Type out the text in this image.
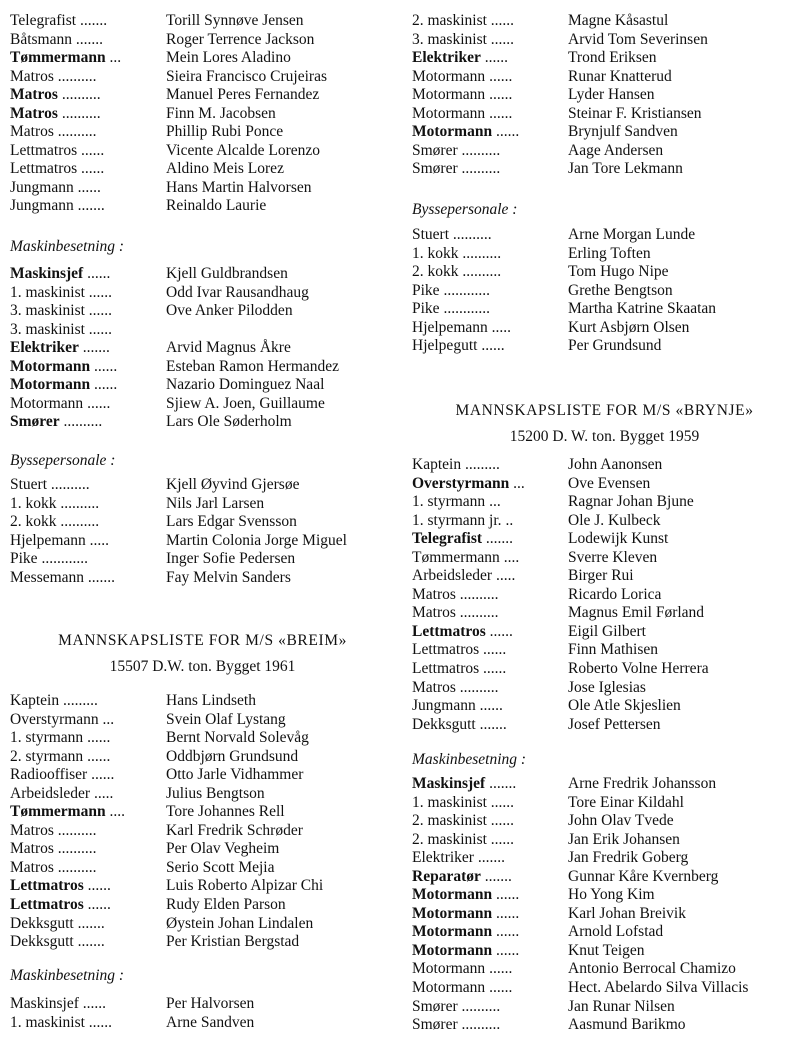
Telegrafist .......	Torill Synnøve Jensen
Båtsmann .......	Roger Terrence Jackson
Tømmermann ...	Mein Lores Aladino
Matros ..........	Sieira Francisco Crujeiras
Matros ..........	Manuel Peres Fernandez
Matros ..........	Finn M. Jacobsen
Matros ..........	Phillip Rubi Ponce
Lettmatros ......	Vicente Alcalde Lorenzo
Lettmatros ......	Aldino Meis Lorez
Jungmann ......	Hans Martin Halvorsen
Jungmann .......	Reinaldo Laurie
Maskinbesetning :
Maskinsjef ......	Kjell Guldbrandsen
1. maskinist ......	Odd Ivar Rausandhaug
3. maskinist ......	Ove Anker Pilodden
3. maskinist ......
Elektriker .......	Arvid Magnus Åkre
Motormann ......	Esteban Ramon Hermandez
Motormann ......	Nazario Dominguez Naal
Motormann ......	Sjiew A. Joen, Guillaume
Smører ..........	Lars Ole Søderholm
Byssepersonale :
Stuert ..........	Kjell Øyvind Gjersøe
1. kokk ..........	Nils Jarl Larsen
2. kokk ..........	Lars Edgar Svensson
Hjelpemann .....	Martin Colonia Jorge Miguel
Pike ............	Inger Sofie Pedersen
Messemann .......	Fay Melvin Sanders
MANNSKAPSLISTE FOR M/S «BREIM»
15507 D.W. ton. Bygget 1961
Kaptein .........	Hans Lindseth
Overstyrmann ...	Svein Olaf Lystang
1. styrmann ......	Bernt Norvald Solevåg
2. styrmann ......	Oddbjørn Grundsund
Radiooffiser ......	Otto Jarle Vidhammer
Arbeidsleder .....	Julius Bengtson
Tømmermann ....	Tore Johannes Rell
Matros ..........	Karl Fredrik Schrøder
Matros ..........	Per Olav Vegheim
Matros ..........	Serio Scott Mejia
Lettmatros ......	Luis Roberto Alpizar Chi
Lettmatros ......	Rudy Elden Parson
Dekksgutt .......	Øystein Johan Lindalen
Dekksgutt .......	Per Kristian Bergstad
Maskinbesetning :
Maskinsjef ......	Per Halvorsen
1. maskinist ......	Arne Sandven
2. maskinist ......	Magne Kåsastul
3. maskinist ......	Arvid Tom Severinsen
Elektriker ......	Trond Eriksen
Motormann ......	Runar Knatterud
Motormann ......	Lyder Hansen
Motormann ......	Steinar F. Kristiansen
Motormann ......	Brynjulf Sandven
Smører ..........	Aage Andersen
Smører ..........	Jan Tore Lekmann
Byssepersonale :
Stuert ..........	Arne Morgan Lunde
1. kokk ..........	Erling Toften
2. kokk ..........	Tom Hugo Nipe
Pike ............	Grethe Bengtson
Pike ............	Martha Katrine Skaatan
Hjelpemann .....	Kurt Asbjørn Olsen
Hjelpegutt ......	Per Grundsund
MANNSKAPSLISTE FOR M/S «BRYNJE»
15200 D. W. ton. Bygget 1959
Kaptein .........	John Aanonsen
Overstyrmann ...	Ove Evensen
1. styrmann ...	Ragnar Johan Bjune
1. styrmann jr. ..	Ole J. Kulbeck
Telegrafist .......	Lodewijk Kunst
Tømmermann ....	Sverre Kleven
Arbeidsleder .....	Birger Rui
Matros ..........	Ricardo Lorica
Matros ..........	Magnus Emil Førland
Lettmatros ......	Eigil Gilbert
Lettmatros ......	Finn Mathisen
Lettmatros ......	Roberto Volne Herrera
Matros ..........	Jose Iglesias
Jungmann ......	Ole Atle Skjeslien
Dekksgutt .......	Josef Pettersen
Maskinbesetning :
Maskinsjef .......	Arne Fredrik Johansson
1. maskinist ......	Tore Einar Kildahl
2. maskinist ......	John Olav Tvede
2. maskinist ......	Jan Erik Johansen
Elektriker .......	Jan Fredrik Goberg
Reparatør .......	Gunnar Kåre Kvernberg
Motormann ......	Ho Yong Kim
Motormann ......	Karl Johan Breivik
Motormann ......	Arnold Lofstad
Motormann ......	Knut Teigen
Motormann ......	Antonio Berrocal Chamizo
Motormann ......	Hect. Abelardo Silva Villacis
Smører ..........	Jan Runar Nilsen
Smører ..........	Aasmund Barikmo
